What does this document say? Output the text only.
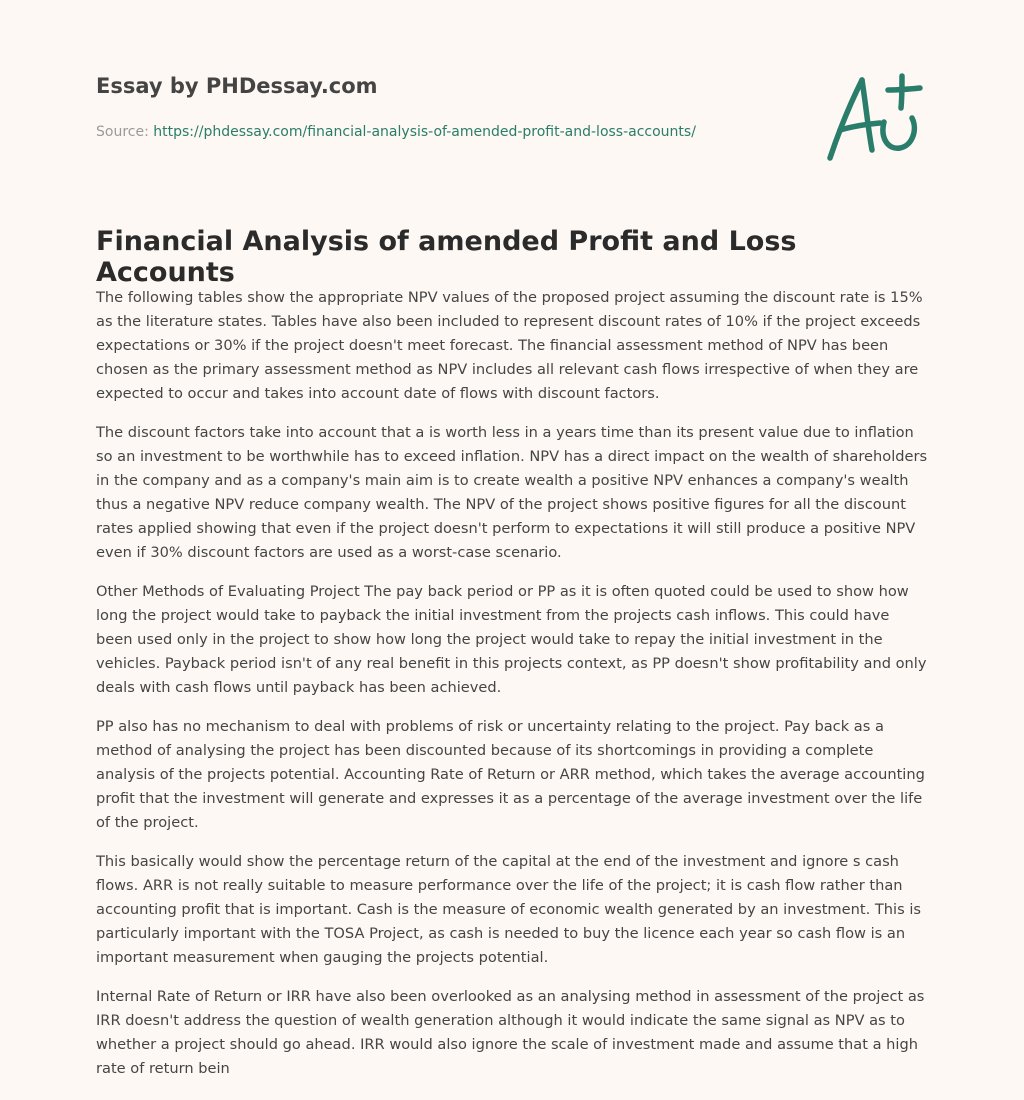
Essay by PHDessay.com
Source: https://phdessay.com/financial-analysis-of-amended-profit-and-loss-accounts/
Financial Analysis of amended Profit and Loss Accounts

The following tables show the appropriate NPV values of the proposed project assuming the discount rate is 15% as the literature states. Tables have also been included to represent discount rates of 10% if the project exceeds expectations or 30% if the project doesn't meet forecast. The financial assessment method of NPV has been chosen as the primary assessment method as NPV includes all relevant cash flows irrespective of when they are expected to occur and takes into account date of flows with discount factors.

The discount factors take into account that a is worth less in a years time than its present value due to inflation so an investment to be worthwhile has to exceed inflation. NPV has a direct impact on the wealth of shareholders in the company and as a company's main aim is to create wealth a positive NPV enhances a company's wealth thus a negative NPV reduce company wealth. The NPV of the project shows positive figures for all the discount rates applied showing that even if the project doesn't perform to expectations it will still produce a positive NPV even if 30% discount factors are used as a worst-case scenario.

Other Methods of Evaluating Project The pay back period or PP as it is often quoted could be used to show how long the project would take to payback the initial investment from the projects cash inflows. This could have been used only in the project to show how long the project would take to repay the initial investment in the vehicles. Payback period isn't of any real benefit in this projects context, as PP doesn't show profitability and only deals with cash flows until payback has been achieved.

PP also has no mechanism to deal with problems of risk or uncertainty relating to the project. Pay back as a method of analysing the project has been discounted because of its shortcomings in providing a complete analysis of the projects potential. Accounting Rate of Return or ARR method, which takes the average accounting profit that the investment will generate and expresses it as a percentage of the average investment over the life of the project.

This basically would show the percentage return of the capital at the end of the investment and ignore s cash flows. ARR is not really suitable to measure performance over the life of the project; it is cash flow rather than accounting profit that is important. Cash is the measure of economic wealth generated by an investment. This is particularly important with the TOSA Project, as cash is needed to buy the licence each year so cash flow is an important measurement when gauging the projects potential.

Internal Rate of Return or IRR have also been overlooked as an analysing method in assessment of the project as IRR doesn't address the question of wealth generation although it would indicate the same signal as NPV as to whether a project should go ahead. IRR would also ignore the scale of investment made and assume that a high rate of return bein
